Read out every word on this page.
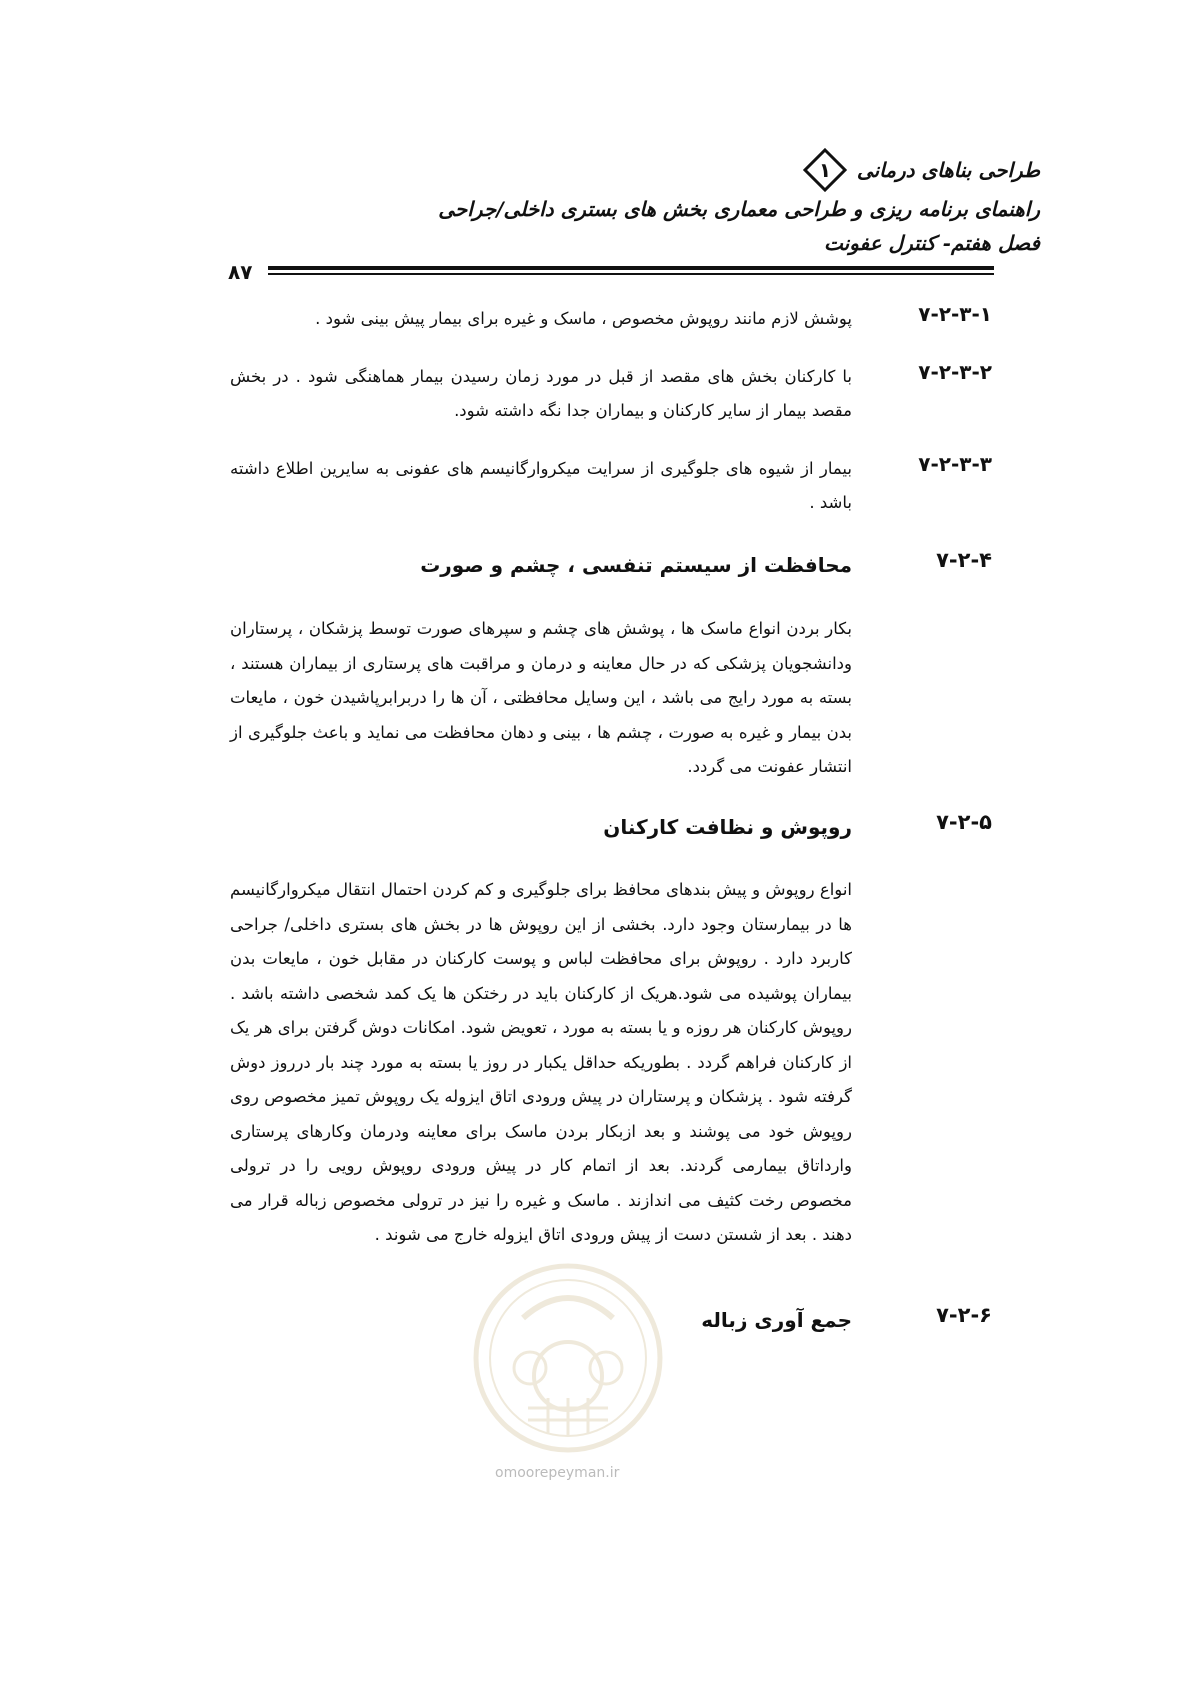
طراحی بناهای درمانی
١
راهنمای برنامه ریزی و طراحی معماری بخش های بستری داخلی/جراحی
فصل هفتم- کنترل عفونت
۸۷
۷-۲-۳-۱
پوشش لازم مانند روپوش مخصوص ، ماسک و غیره برای بیمار پیش بینی شود .
۷-۲-۳-۲
با کارکنان بخش های مقصد از قبل در مورد زمان رسیدن بیمار هماهنگی شود . در بخش مقصد بیمار از سایر کارکنان و بیماران جدا نگه داشته شود.
۷-۲-۳-۳
بیمار از شیوه های جلوگیری از سرایت میکروارگانیسم های عفونی به سایرین اطلاع داشته باشد .
۷-۲-۴
محافظت از سیستم تنفسی ، چشم و صورت
بکار بردن انواع ماسک ها ، پوشش های چشم و سپرهای صورت توسط پزشکان ، پرستاران ودانشجویان پزشکی که در حال معاینه و درمان و مراقبت های پرستاری از بیماران هستند ، بسته به مورد رایج می باشد ، این وسایل محافظتی ، آن ها را دربرابرپاشیدن خون ، مایعات بدن بیمار و غیره به صورت ، چشم ها ، بینی و دهان محافظت می نماید و باعث جلوگیری از انتشار عفونت می گردد.
۷-۲-۵
روپوش و نظافت کارکنان
انواع روپوش و پیش بندهای محافظ برای جلوگیری و کم کردن احتمال انتقال میکروارگانیسم ها در بیمارستان وجود دارد. بخشی از این روپوش ها در بخش های بستری داخلی/ جراحی کاربرد دارد . روپوش برای محافظت لباس و پوست کارکنان در مقابل خون ، مایعات بدن بیماران پوشیده می شود.هریک از کارکنان باید در رختکن ها یک کمد شخصی داشته باشد . روپوش کارکنان هر روزه و یا بسته به مورد ، تعویض شود. امکانات دوش گرفتن برای هر یک از کارکنان فراهم گردد . بطوریکه حداقل یکبار در روز یا بسته به مورد چند بار درروز دوش گرفته شود . پزشکان و پرستاران در پیش ورودی اتاق ایزوله یک روپوش تمیز مخصوص روی روپوش خود می پوشند و بعد ازبکار بردن ماسک برای معاینه ودرمان وکارهای پرستاری وارداتاق بیمارمی گردند. بعد از اتمام کار در پیش ورودی روپوش رویی را در ترولی مخصوص رخت کثیف می اندازند . ماسک و غیره را نیز در ترولی مخصوص زباله قرار می دهند . بعد از شستن دست از پیش ورودی اتاق ایزوله خارج می شوند .
۷-۲-۶
جمع آوری زباله
omoorepeyman.ir
